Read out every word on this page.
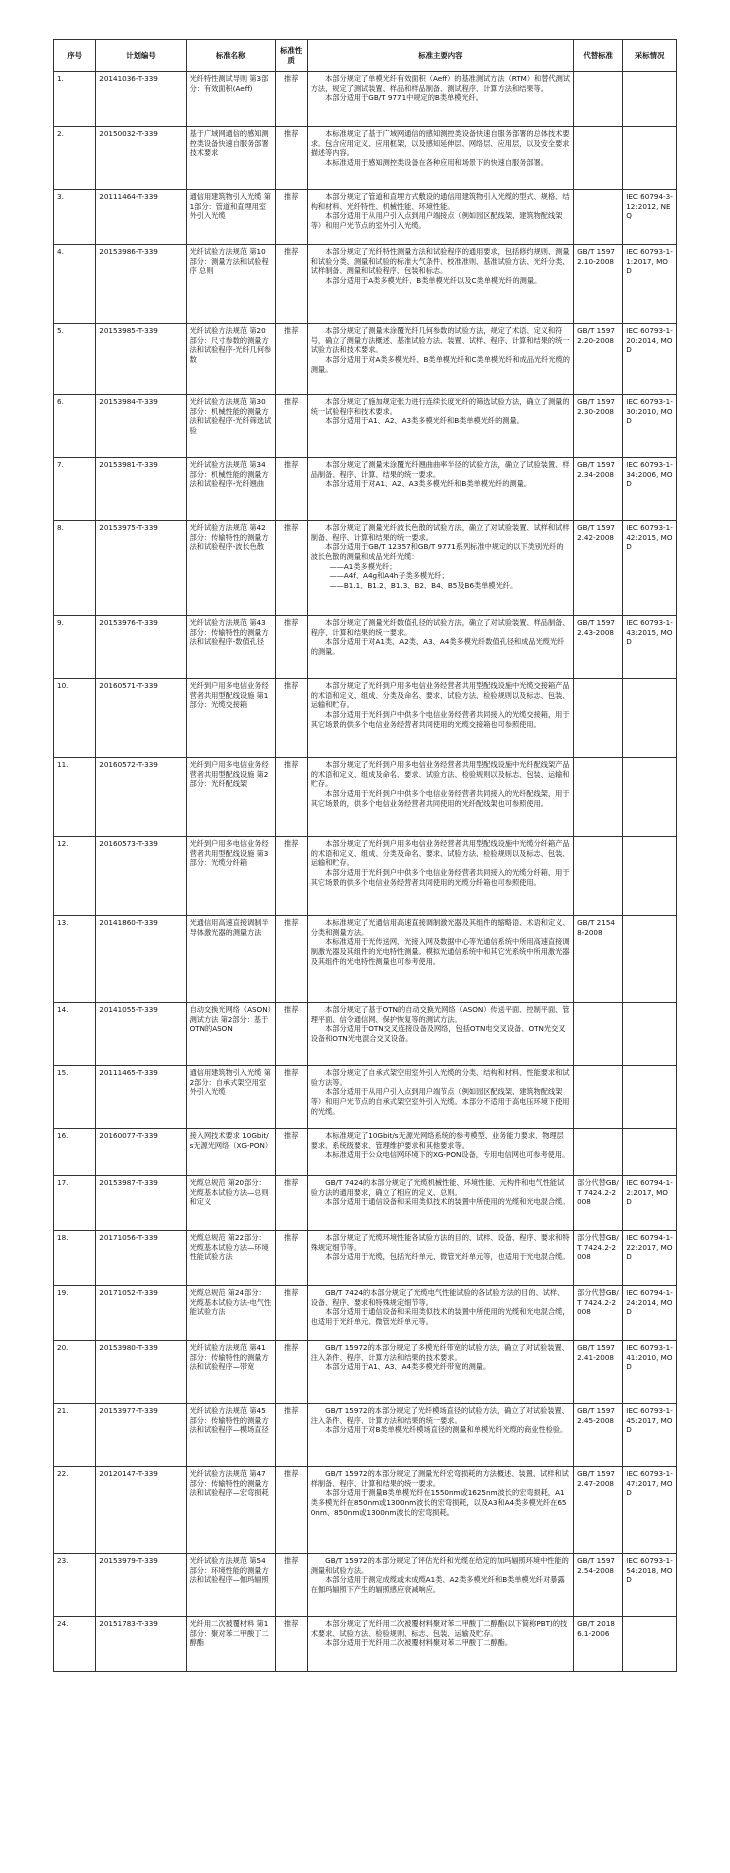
序号	计划编号	标准名称	标准性质	标准主要内容	代替标准	采标情况
1.	20141036-T-339	光纤特性测试导则 第3部分：有效面积(Aeff)	推荐	本部分规定了单模光纤有效面积（Aeff）的基准测试方法（RTM）和替代测试方法，规定了测试装置、样品和样品制备、测试程序、计算方法和结果等。

本部分适用于GB/T 9771中规定的B类单模光纤。		

2.	20150032-T-339	基于广域网通信的感知测控类设备快速自服务部署技术要求	推荐	本标准规定了基于广域网通信的感知测控类设备快速自服务部署的总体技术要求。包含应用定义、应用框架，以及感知延伸层、网络层、应用层，以及安全要求描述等内容。

本标准适用于感知测控类设备在各种应用和场景下的快速自服务部署。		

3.	20111464-T-339	通信用建筑物引入光缆 第1部分：管道和直埋用室外引入光缆	推荐	本部分规定了管道和直埋方式敷设的通信用建筑物引入光缆的型式、规格、结构和材料、光纤特性、机械性能、环境性能。

本部分适用于从用户引入点到用户端接点（例如园区配线架、建筑物配线架等）和用户光节点的室外引入光缆。		IEC 60794-3-12:2012, NEQ
4.	20153986-T-339	光纤试验方法规范 第10部分：测量方法和试验程序 总则	推荐	本部分规定了光纤特性测量方法和试验程序的通用要求，包括修约规则、测量和试验分类、测量和试验的标准大气条件、校准准则、基准试验方法、光纤分类、试样制备、测量和试验程序、包装和标志。

本部分适用于A类多模光纤、B类单模光纤以及C类单模光纤的测量。	GB/T 15972.10-2008	IEC 60793-1-1:2017, MOD
5.	20153985-T-339	光纤试验方法规范 第20部分：尺寸参数的测量方法和试验程序-光纤几何参数	推荐	本部分规定了测量未涂覆光纤几何参数的试验方法，规定了术语、定义和符号，确立了测量方法概述、基准试验方法、装置、试样、程序、计算和结果的统一试验方法和技术要求。

本部分适用于对A类多模光纤、B类单模光纤和C类单模光纤和成品光纤光缆的测量。	GB/T 15972.20-2008	IEC 60793-1-20:2014, MOD
6.	20153984-T-339	光纤试验方法规范 第30部分：机械性能的测量方法和试验程序-光纤筛选试验	推荐	本部分规定了施加规定张力进行连续长度光纤的筛选试验方法，确立了测量的统一试验程序和技术要求。

本部分适用于A1、A2、A3类多模光纤和B类单模光纤的测量。	GB/T 15972.30-2008	IEC 60793-1-30:2010, MOD
7.	20153981-T-339	光纤试验方法规范 第34部分：机械性能的测量方法和试验程序-光纤翘曲	推荐	本部分规定了测量未涂覆光纤翘曲曲率半径的试验方法，确立了试验装置、样品制备、程序、计算、结果的统一要求。

本部分适用于对A1、A2、A3类多模光纤和B类单模光纤的测量。	GB/T 15972.34-2008	IEC 60793-1-34:2006, MOD
8.	20153975-T-339	光纤试验方法规范 第42部分：传输特性的测量方法和试验程序-波长色散	推荐	本部分规定了测量光纤波长色散的试验方法，确立了对试验装置、试样和试样制备、程序、计算和结果的统一要求。

本部分适用于GB/T 12357和GB/T 9771系列标准中规定的以下类别光纤的波长色散的测量和成品光纤光缆：

——A1类多模光纤；

——A4f、A4g和A4h子类多模光纤；

——B1.1、B1.2、B1.3、B2、B4、B5及B6类单模光纤。	GB/T 15972.42-2008	IEC 60793-1-42:2015, MOD
9.	20153976-T-339	光纤试验方法规范 第43部分：传输特性的测量方法和试验程序-数值孔径	推荐	本部分规定了测量光纤数值孔径的试验方法，确立了对试验装置、样品制备、程序、计算和结果的统一要求。

本部分适用于对A1类、A2类、A3、A4类多模光纤数值孔径和成品光缆光纤的测量。	GB/T 15972.43-2008	IEC 60793-1-43:2015, MOD
10.	20160571-T-339	光纤到户用多电信业务经营者共用型配线设施 第1部分：光缆交接箱	推荐	本部分规定了光纤到户用多电信业务经营者共用型配线设施中光缆交接箱产品的术语和定义、组成、分类及命名、要求、试验方法、检验规则以及标志、包装、运输和贮存。

本部分适用于光纤到户中供多个电信业务经营者共同接入的光缆交接箱，用于其它场景的供多个电信业务经营者共同使用的光缆交接箱也可参照使用。		

11.	20160572-T-339	光纤到户用多电信业务经营者共用型配线设施 第2部分：光纤配线架	推荐	本部分规定了光纤到户用多电信业务经营者共用型配线设施中光纤配线架产品的术语和定义、组成及命名、要求、试验方法、检验规则以及标志、包装、运输和贮存。

本部分适用于光纤到户中供多个电信业务经营者共同接入的光纤配线架，用于其它场景的，供多个电信业务经营者共同使用的光纤配线架也可参照使用。		

12.	20160573-T-339	光纤到户用多电信业务经营者共用型配线设施 第3部分：光缆分纤箱	推荐	本部分规定了光纤到户用多电信业务经营者共用型配线设施中光缆分纤箱产品的术语和定义、组成、分类及命名、要求、试验方法、检验规则以及标志、包装、运输和贮存。

本部分适用于光纤到户中供多个电信业务经营者共同接入的光缆分纤箱，用于其它场景的供多个电信业务经营者共同使用的光缆分纤箱也可参照使用。		

13.	20141860-T-339	光通信用高速直接调制半导体激光器的测量方法	推荐	本标准规定了光通信用高速直接调制激光器及其组件的缩略语、术语和定义、分类和测量方法。

本标准适用于光传送网、光接入网及数据中心等光通信系统中所用高速直接调制激光器及其组件的光电特性测量。模拟光通信系统中和其它光系统中所用激光器及其组件的光电特性测量也可参考使用。	GB/T 21548-2008	
14.	20141055-T-339	自动交换光网络（ASON）测试方法 第2部分：基于OTN的ASON	推荐	本部分规定了基于OTN的自动交换光网络（ASON）传送平面、控制平面、管理平面、信令通信网、保护恢复等的测试方法。

本部分适用于OTN交叉连接设备及网络，包括OTN电交叉设备、OTN光交叉设备和OTN光电混合交叉设备。		

15.	20111465-T-339	通信用建筑物引入光缆 第2部分：自承式架空用室外引入光缆	推荐	本部分规定了自承式架空用室外引入光缆的分类、结构和材料、性能要求和试验方法等。

本部分适用于从用户引入点到用户端节点（例如园区配线架、建筑物配线架等）和用户光节点的自承式架空室外引入光缆。本部分不适用于高电压环境下使用的光缆。		

16.	20160077-T-339	接入网技术要求 10Gbit/s无源光网络（XG-PON）	推荐	本标准规定了10Gbit/s无源光网络系统的参考模型、业务能力要求、物理层要求、系统级要求、管理维护要求和其他要求等。

本标准适用于公众电信网环境下的XG-PON设备，专用电信网也可参考使用。		

17.	20153987-T-339	光缆总规范 第20部分：光缆基本试验方法—总则和定义	推荐	GB/T 7424的本部分规定了光缆机械性能、环境性能、元构件和电气性能试验方法的通用要求，确立了相应的定义、总则。

本部分适用于通信设备和采用类似技术的装置中所使用的光缆和光电混合缆。	部分代替GB/T 7424.2-2008	IEC 60794-1-2:2017, MOD
18.	20171056-T-339	光缆总规范 第22部分：光缆基本试验方法—环境性能试验方法	推荐	本部分规定了光缆环境性能各试验方法的目的、试样、设备、程序、要求和特殊规定细节等。

本部分适用于光缆，包括光纤单元、微管光纤单元等，也适用于光电混合缆。	部分代替GB/T 7424.2-2008	IEC 60794-1-22:2017, MOD
19.	20171052-T-339	光缆总规范 第24部分：光缆基本试验方法-电气性能试验方法	推荐	GB/T 7424的本部分规定了光缆电气性能试验的各试验方法的目的、试样、设备、程序、要求和特殊规定细节等。

本部分适用于通信设备和采用类似技术的装置中所使用的光缆和光电混合缆，也适用于光纤单元、微管光纤单元等。	部分代替GB/T 7424.2-2008	IEC 60794-1-24:2014, MOD
20.	20153980-T-339	光纤试验方法规范 第41部分：传输特性的测量方法和试验程序—带宽	推荐	GB/T 15972的本部分规定了多模光纤带宽的试验方法，确立了对试验装置、注入条件、程序、计算方法和结果的技术要求。

本部分适用于A1、A3、A4类多模光纤带宽的测量。	GB/T 15972.41-2008	IEC 60793-1-41:2010, MOD
21.	20153977-T-339	光纤试验方法规范 第45部分：传输特性的测量方法和试验程序—模场直径	推荐	GB/T 15972的本部分规定了光纤模场直径的试验方法，确立了对试验装置、注入条件、程序、计算方法和结果的统一要求。

本部分适用于对B类单模光纤模场直径的测量和单模光纤光缆的商业性检验。	GB/T 15972.45-2008	IEC 60793-1-45:2017, MOD
22.	20120147-T-339	光纤试验方法规范 第47部分：传输特性的测量方法和试验程序—宏弯损耗	推荐	GB/T 15972的本部分规定了测量光纤宏弯损耗的方法概述、装置、试样和试样制备、程序、计算和结果的统一要求。

本部分适用于测量B类单模光纤在1550nm或1625nm波长的宏弯损耗，A1类多模光纤在850nm或1300nm波长的宏弯损耗，以及A3和A4类多模光纤在650nm、850nm或1300nm波长的宏弯损耗。	GB/T 15972.47-2008	IEC 60793-1-47:2017, MOD
23.	20153979-T-339	光纤试验方法规范 第54部分：环境性能的测量方法和试验程序—伽玛辐照	推荐	GB/T 15972的本部分规定了评估光纤和光缆在给定的加玛辐照环境中性能的测量和试验方法。

本部分适用于测定成缆或未成缆A1类、A2类多模光纤和B类单模光纤对暴露在伽玛辐照下产生的辐照感应衰减响应。	GB/T 15972.54-2008	IEC 60793-1-54:2018, MOD
24.	20151783-T-339	光纤用二次被覆材料 第1部分：聚对苯二甲酸丁二醇酯	推荐	本部分规定了光纤用二次被覆材料聚对苯二甲酸丁二醇酯(以下简称PBT)的技术要求、试验方法、检验规则、标志、包装、运输及贮存。

本部分适用于光纤用二次被覆材料聚对苯二甲酸丁二醇酯。	GB/T 20186.1-2006	
